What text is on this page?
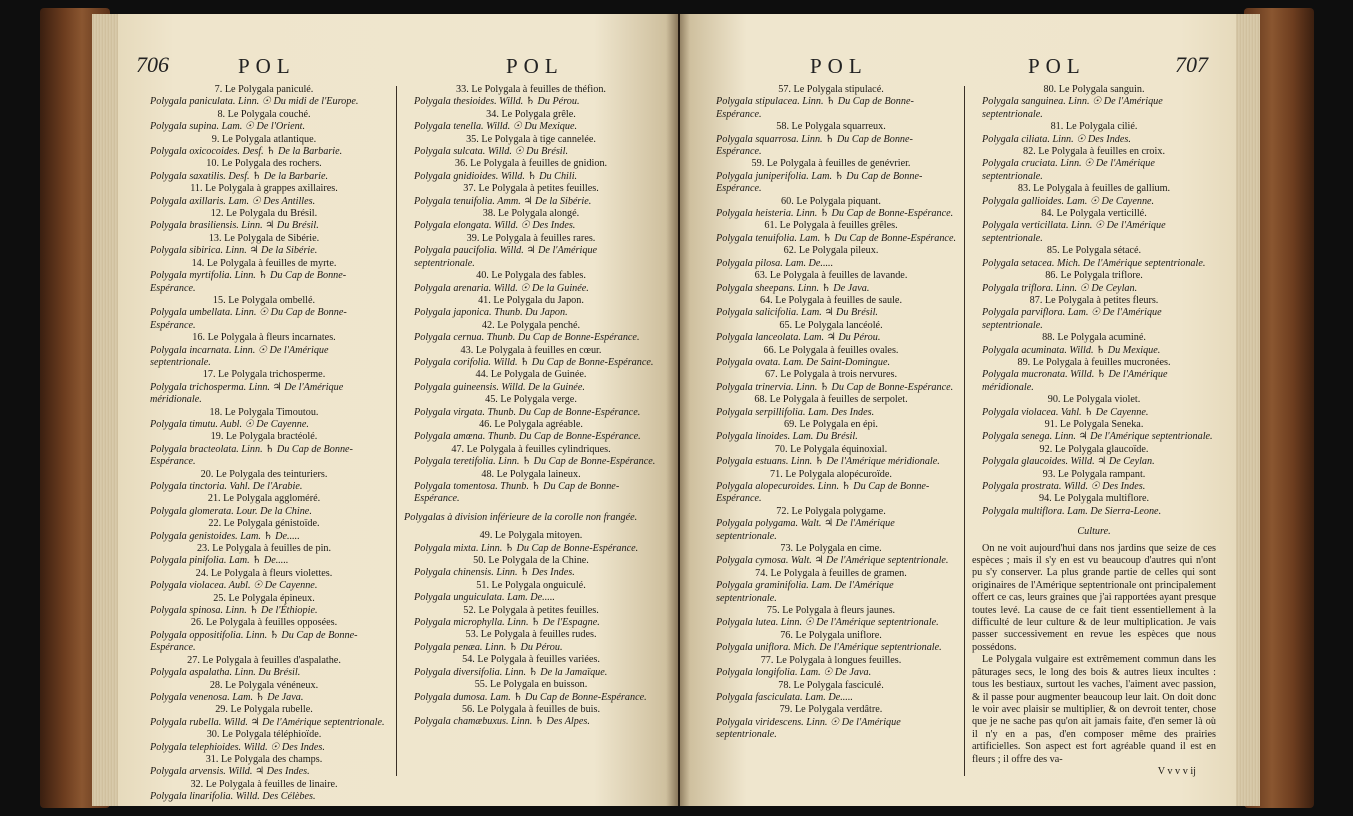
706	POL	POL

7. Le Polygala paniculé.

Polygala paniculata. Linn. ☉ Du midi de l'Europe.

8. Le Polygala couché.

Polygala supina. Lam. ☉ De l'Orient.

9. Le Polygala atlantique.

Polygala oxicocoides. Desf. ♄ De la Barbarie.

10. Le Polygala des rochers.

Polygala saxatilis. Desf. ♄ De la Barbarie.

11. Le Polygala à grappes axillaires.

Polygala axillaris. Lam. ☉ Des Antilles.

12. Le Polygala du Brésil.

Polygala brasiliensis. Linn. ♃ Du Brésil.

13. Le Polygala de Sibérie.

Polygala sibirica. Linn. ♃ De la Sibérie.

14. Le Polygala à feuilles de myrte.

Polygala myrtifolia. Linn. ♄ Du Cap de Bonne-Espérance.

15. Le Polygala ombellé.

Polygala umbellata. Linn. ☉ Du Cap de Bonne-Espérance.

16. Le Polygala à fleurs incarnates.

Polygala incarnata. Linn. ☉ De l'Amérique septentrionale.

17. Le Polygala trichosperme.

Polygala trichosperma. Linn. ♃ De l'Amérique méridionale.

18. Le Polygala Timoutou.

Polygala timutu. Aubl. ☉ De Cayenne.

19. Le Polygala bractéolé.

Polygala bracteolata. Linn. ♄ Du Cap de Bonne-Espérance.

20. Le Polygala des teinturiers.

Polygala tinctoria. Vahl. De l'Arabie.

21. Le Polygala aggloméré.

Polygala glomerata. Lour. De la Chine.

22. Le Polygala génistoïde.

Polygala genistoides. Lam. ♄ De.....

23. Le Polygala à feuilles de pin.

Polygala pinifolia. Lam. ♄ De.....

24. Le Polygala à fleurs violettes.

Polygala violacea. Aubl. ☉ De Cayenne.

25. Le Polygala épineux.

Polygala spinosa. Linn. ♄ De l'Éthiopie.

26. Le Polygala à feuilles opposées.

Polygala oppositifolia. Linn. ♄ Du Cap de Bonne-Espérance.

27. Le Polygala à feuilles d'aspalathe.

Polygala aspalatha. Linn. Du Brésil.

28. Le Polygala vénéneux.

Polygala venenosa. Lam. ♄ De Java.

29. Le Polygala rubelle.

Polygala rubella. Willd. ♃ De l'Amérique septentrionale.

30. Le Polygala téléphioïde.

Polygala telephioides. Willd. ☉ Des Indes.

31. Le Polygala des champs.

Polygala arvensis. Willd. ♃ Des Indes.

32. Le Polygala à feuilles de linaire.

Polygala linarifolia. Willd. Des Célèbes.

33. Le Polygala à feuilles de théfion.

Polygala thesioides. Willd. ♄ Du Pérou.

34. Le Polygala grêle.

Polygala tenella. Willd. ☉ Du Mexique.

35. Le Polygala à tige cannelée.

Polygala sulcata. Willd. ☉ Du Brésil.

36. Le Polygala à feuilles de gnidion.

Polygala gnidioides. Willd. ♄ Du Chili.

37. Le Polygala à petites feuilles.

Polygala tenuifolia. Amm. ♃ De la Sibérie.

38. Le Polygala alongé.

Polygala elongata. Willd. ☉ Des Indes.

39. Le Polygala à feuilles rares.

Polygala paucifolia. Willd. ♃ De l'Amérique septentrionale.

40. Le Polygala des fables.

Polygala arenaria. Willd. ☉ De la Guinée.

41. Le Polygala du Japon.

Polygala japonica. Thunb. Du Japon.

42. Le Polygala penché.

Polygala cernua. Thunb. Du Cap de Bonne-Espérance.

43. Le Polygala à feuilles en cœur.

Polygala corifolia. Willd. ♄ Du Cap de Bonne-Espérance.

44. Le Polygala de Guinée.

Polygala guineensis. Willd. De la Guinée.

45. Le Polygala verge.

Polygala virgata. Thunb. Du Cap de Bonne-Espérance.

46. Le Polygala agréable.

Polygala amœna. Thunb. Du Cap de Bonne-Espérance.

47. Le Polygala à feuilles cylindriques.

Polygala teretifolia. Linn. ♄ Du Cap de Bonne-Espérance.

48. Le Polygala laineux.

Polygala tomentosa. Thunb. ♄ Du Cap de Bonne-Espérance.

Polygalas à division inférieure de la corolle non frangée.

49. Le Polygala mitoyen.

Polygala mixta. Linn. ♄ Du Cap de Bonne-Espérance.

50. Le Polygala de la Chine.

Polygala chinensis. Linn. ♄ Des Indes.

51. Le Polygala onguiculé.

Polygala unguiculata. Lam. De.....

52. Le Polygala à petites feuilles.

Polygala microphylla. Linn. ♄ De l'Espagne.

53. Le Polygala à feuilles rudes.

Polygala penæa. Linn. ♄ Du Pérou.

54. Le Polygala à feuilles variées.

Polygala diversifolia. Linn. ♄ De la Jamaïque.

55. Le Polygala en buisson.

Polygala dumosa. Lam. ♄ Du Cap de Bonne-Espérance.

56. Le Polygala à feuilles de buis.

Polygala chamæbuxus. Linn. ♄ Des Alpes.

POL	POL	707

57. Le Polygala stipulacé.

Polygala stipulacea. Linn. ♄ Du Cap de Bonne-Espérance.

58. Le Polygala squarreux.

Polygala squarrosa. Linn. ♄ Du Cap de Bonne-Espérance.

59. Le Polygala à feuilles de genévrier.

Polygala juniperifolia. Lam. ♄ Du Cap de Bonne-Espérance.

60. Le Polygala piquant.

Polygala heisteria. Linn. ♄ Du Cap de Bonne-Espérance.

61. Le Polygala à feuilles grêles.

Polygala tenuifolia. Lam. ♄ Du Cap de Bonne-Espérance.

62. Le Polygala pileux.

Polygala pilosa. Lam. De.....

63. Le Polygala à feuilles de lavande.

Polygala sheepans. Linn. ♄ De Java.

64. Le Polygala à feuilles de saule.

Polygala salicifolia. Lam. ♃ Du Brésil.

65. Le Polygala lancéolé.

Polygala lanceolata. Lam. ♃ Du Pérou.

66. Le Polygala à feuilles ovales.

Polygala ovata. Lam. De Saint-Domingue.

67. Le Polygala à trois nervures.

Polygala trinervia. Linn. ♄ Du Cap de Bonne-Espérance.

68. Le Polygala à feuilles de serpolet.

Polygala serpillifolia. Lam. Des Indes.

69. Le Polygala en épi.

Polygala linoides. Lam. Du Brésil.

70. Le Polygala équinoxial.

Polygala estuans. Linn. ♄ De l'Amérique méridionale.

71. Le Polygala alopécuroïde.

Polygala alopecuroides. Linn. ♄ Du Cap de Bonne-Espérance.

72. Le Polygala polygame.

Polygala polygama. Walt. ♃ De l'Amérique septentrionale.

73. Le Polygala en cime.

Polygala cymosa. Walt. ♃ De l'Amérique septentrionale.

74. Le Polygala à feuilles de gramen.

Polygala graminifolia. Lam. De l'Amérique septentrionale.

75. Le Polygala à fleurs jaunes.

Polygala lutea. Linn. ☉ De l'Amérique septentrionale.

76. Le Polygala uniflore.

Polygala uniflora. Mich. De l'Amérique septentrionale.

77. Le Polygala à longues feuilles.

Polygala longifolia. Lam. ☉ De Java.

78. Le Polygala fasciculé.

Polygala fasciculata. Lam. De.....

79. Le Polygala verdâtre.

Polygala viridescens. Linn. ☉ De l'Amérique septentrionale.

80. Le Polygala sanguin.

Polygala sanguinea. Linn. ☉ De l'Amérique septentrionale.

81. Le Polygala cilié.

Polygala ciliata. Linn. ☉ Des Indes.

82. Le Polygala à feuilles en croix.

Polygala cruciata. Linn. ☉ De l'Amérique septentrionale.

83. Le Polygala à feuilles de gallium.

Polygala gallioides. Lam. ☉ De Cayenne.

84. Le Polygala verticillé.

Polygala verticillata. Linn. ☉ De l'Amérique septentrionale.

85. Le Polygala sétacé.

Polygala setacea. Mich. De l'Amérique septentrionale.

86. Le Polygala triflore.

Polygala triflora. Linn. ☉ De Ceylan.

87. Le Polygala à petites fleurs.

Polygala parviflora. Lam. ☉ De l'Amérique septentrionale.

88. Le Polygala acuminé.

Polygala acuminata. Willd. ♄ Du Mexique.

89. Le Polygala à feuilles mucronées.

Polygala mucronata. Willd. ♄ De l'Amérique méridionale.

90. Le Polygala violet.

Polygala violacea. Vahl. ♄ De Cayenne.

91. Le Polygala Seneka.

Polygala senega. Linn. ♃ De l'Amérique septentrionale.

92. Le Polygala glaucoïde.

Polygala glaucoides. Willd. ♃ De Ceylan.

93. Le Polygala rampant.

Polygala prostrata. Willd. ☉ Des Indes.

94. Le Polygala multiflore.

Polygala multiflora. Lam. De Sierra-Leone.

Culture.

On ne voit aujourd'hui dans nos jardins que seize de ces espèces ; mais il s'y en est vu beaucoup d'autres qui n'ont pu s'y conserver. La plus grande partie de celles qui sont originaires de l'Amérique septentrionale ont principalement offert ce cas, leurs graines que j'ai rapportées ayant presque toutes levé. La cause de ce fait tient essentiellement à la difficulté de leur culture & de leur multiplication. Je vais passer successivement en revue les espèces que nous possédons.

Le Polygala vulgaire est extrêmement commun dans les pâturages secs, le long des bois & autres lieux incultes : tous les bestiaux, surtout les vaches, l'aiment avec passion, & il passe pour augmenter beaucoup leur lait. On doit donc le voir avec plaisir se multiplier, & on devroit tenter, chose que je ne sache pas qu'on ait jamais faite, d'en semer là où il n'y en a pas, d'en composer même des prairies artificielles. Son aspect est fort agréable quand il est en fleurs ; il offre des va-

V v v v ij
